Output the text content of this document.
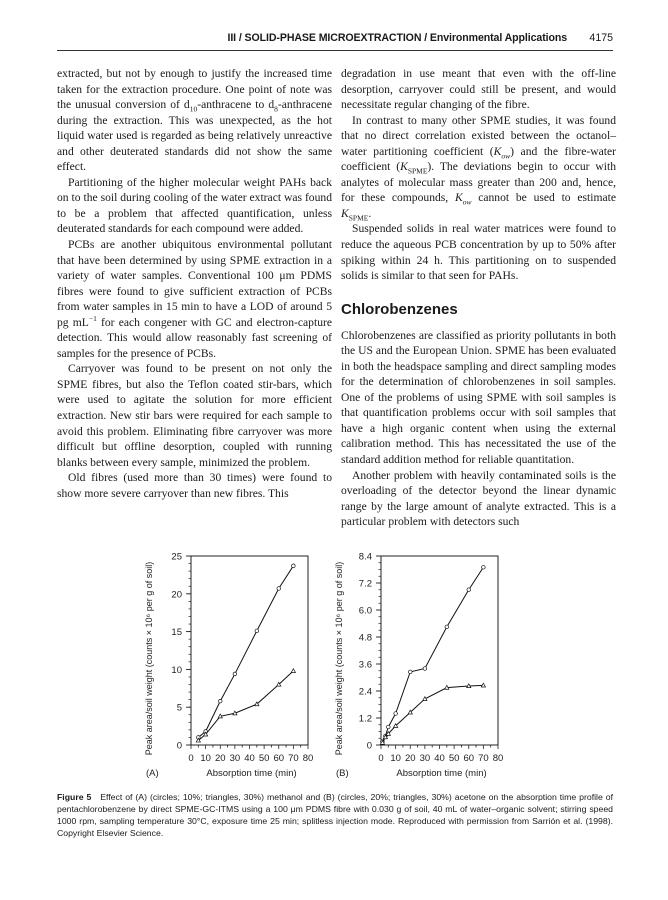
III / SOLID-PHASE MICROEXTRACTION / Environmental Applications 4175

extracted, but not by enough to justify the increased time taken for the extraction procedure. One point of note was the unusual conversion of $d_{10}$-anthracene to $d_8$-anthracene during the extraction. This was unexpected, as the hot liquid water used is regarded as being relatively unreactive and other deuterated standards did not show the same effect.

Partitioning of the higher molecular weight PAHs back on to the soil during cooling of the water extract was found to be a problem that affected quantification, unless deuterated standards for each compound were added.

PCBs are another ubiquitous environmental pollutant that have been determined by using SPME extraction in a variety of water samples. Conventional 100 μm PDMS fibres were found to give sufficient extraction of PCBs from water samples in 15 min to have a LOD of around 5 pg $mL^{-1}$ for each congener with GC and electron-capture detection. This would allow reasonably fast screening of samples for the presence of PCBs.

Carryover was found to be present on not only the SPME fibres, but also the Teflon coated stir-bars, which were used to agitate the solution for more efficient extraction. New stir bars were required for each sample to avoid this problem. Eliminating fibre carryover was more difficult but offline desorption, coupled with running blanks between every sample, minimized the problem.

Old fibres (used more than 30 times) were found to show more severe carryover than new fibres. This

degradation in use meant that even with the off-line desorption, carryover could still be present, and would necessitate regular changing of the fibre.

In contrast to many other SPME studies, it was found that no direct correlation existed between the octanol–water partitioning coefficient $(K_{ow})$ and the fibre-water coefficient $(K_{SPME})$. The deviations begin to occur with analytes of molecular mass greater than 200 and, hence, for these compounds, $K_{ow}$ cannot be used to estimate $K_{SPME}$.

Suspended solids in real water matrices were found to reduce the aqueous PCB concentration by up to 50% after spiking within 24 h. This partitioning on to suspended solids is similar to that seen for PAHs.

Chlorobenzenes

Chlorobenzenes are classified as priority pollutants in both the US and the European Union. SPME has been evaluated in both the headspace sampling and direct sampling modes for the determination of chlorobenzenes in soil samples. One of the problems of using SPME with soil samples is that quantification problems occur with soil samples that have a high organic content when using the external calibration method. This has necessitated the use of the standard addition method for reliable quantitation.

Another problem with heavily contaminated soils is the overloading of the detector beyond the linear dynamic range by the large amount of analyte extracted. This is a particular problem with detectors such

0 10 20 30 40 50 60 70 80
0
5
10
15
20
25
Peak area/soil weight (counts × 10⁶ per g of soil)
Absorption time (min)
(A)
0 10 20 30 40 50 60 70 80
0
1.2
2.4
3.6
4.8
6.0
7.2
8.4
Peak area/soil weight (counts × 10⁶ per g of soil)
Absorption time (min)
(B)
Figure 5 Effect of (A) (circles; 10%; triangles, 30%) methanol and (B) (circles, 20%; triangles, 30%) acetone on the absorption time profile of pentachlorobenzene by direct SPME-GC-ITMS using a 100 μm PDMS fibre with 0.030 g of soil, 40 mL of water–organic solvent; stirring speed 1000 rpm, sampling temperature 30°C, exposure time 25 min; splitless injection mode. Reproduced with permission from Sarrión et al. (1998). Copyright Elsevier Science.
